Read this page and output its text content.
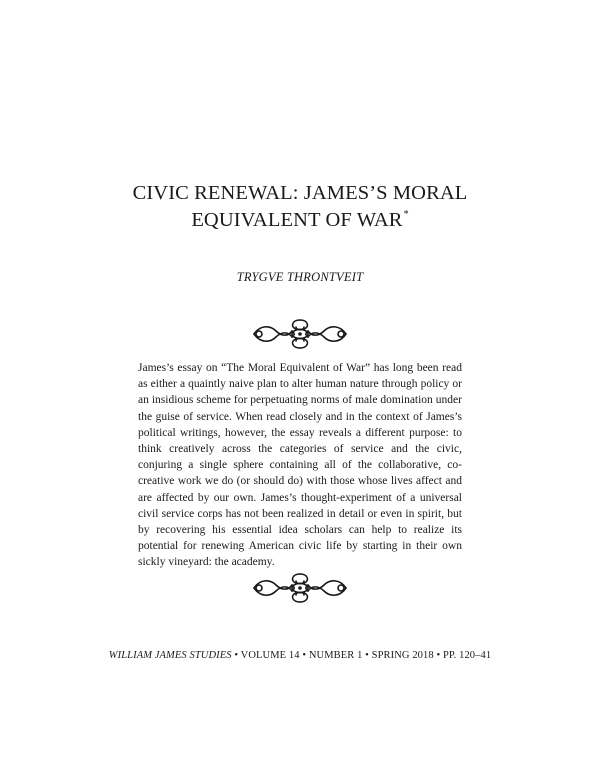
CIVIC RENEWAL: JAMES’S MORAL
EQUIVALENT OF WAR*
TRYGVE THRONTVEIT
James’s essay on “The Moral Equivalent of War” has long been read as either a quaintly naive plan to alter human nature through policy or an insidious scheme for perpetuating norms of male domination under the guise of service. When read closely and in the context of James’s political writings, however, the essay reveals a different purpose: to think creatively across the categories of service and the civic, conjuring a single sphere containing all of the collaborative, co-creative work we do (or should do) with those whose lives affect and are affected by our own. James’s thought-experiment of a universal civil service corps has not been realized in detail or even in spirit, but by recovering his essential idea scholars can help to realize its potential for renewing American civic life by starting in their own sickly vineyard: the academy.
WILLIAM JAMES STUDIES • VOLUME 14 • NUMBER 1 • SPRING 2018 • PP. 120–41
